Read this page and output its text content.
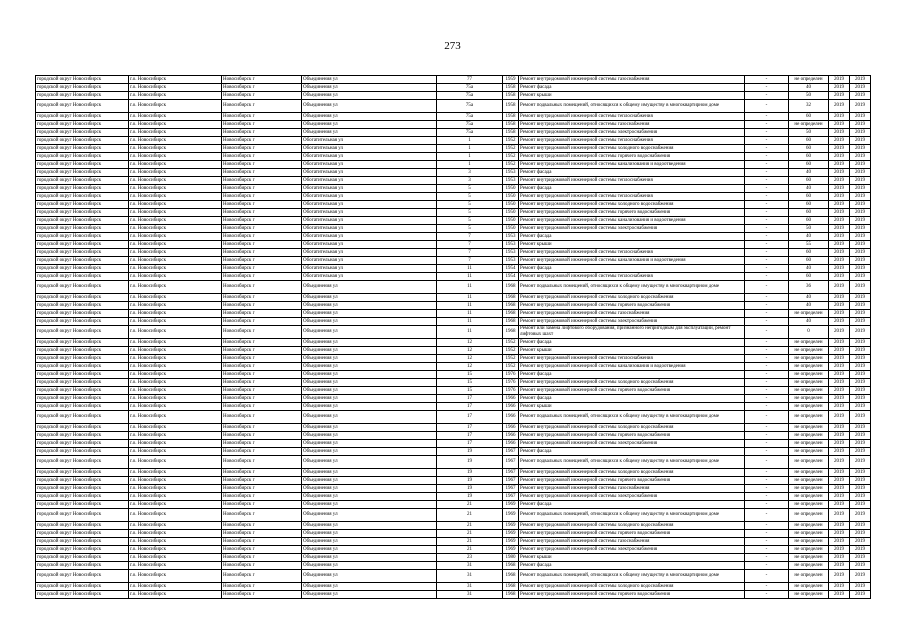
273
городской округ Новосибирск	г.о. Новосибирск	Новосибирск г	Объединения ул	77	1959	Ремонт внутридомовой инженерной системы газоснабжения	-	не определен	2019	2019
городской округ Новосибирск	г.о. Новосибирск	Новосибирск г	Объединения ул	75а	1958	Ремонт фасада	-	40	2019	2019
городской округ Новосибирск	г.о. Новосибирск	Новосибирск г	Объединения ул	75а	1958	Ремонт крыши	-	50	2019	2019
городской округ Новосибирск	г.о. Новосибирск	Новосибирск г	Объединения ул	75а	1958	Ремонт подвальных помещений, относящихся к общему имуществу в многоквартирном доме	-	32	2019	2019
городской округ Новосибирск	г.о. Новосибирск	Новосибирск г	Объединения ул	75а	1958	Ремонт внутридомовой инженерной системы теплоснабжения	-	60	2019	2019
городской округ Новосибирск	г.о. Новосибирск	Новосибирск г	Объединения ул	75а	1958	Ремонт внутридомовой инженерной системы газоснабжения	-	не определен	2019	2019
городской округ Новосибирск	г.о. Новосибирск	Новосибирск г	Объединения ул	75а	1958	Ремонт внутридомовой инженерной системы электроснабжения	-	50	2019	2019
городской округ Новосибирск	г.о. Новосибирск	Новосибирск г	Обогатительная ул	1	1952	Ремонт внутридомовой инженерной системы теплоснабжения	-	60	2019	2019
городской округ Новосибирск	г.о. Новосибирск	Новосибирск г	Обогатительная ул	1	1952	Ремонт внутридомовой инженерной системы холодного водоснабжения	-	60	2019	2019
городской округ Новосибирск	г.о. Новосибирск	Новосибирск г	Обогатительная ул	1	1952	Ремонт внутридомовой инженерной системы горячего водоснабжения	-	60	2019	2019
городской округ Новосибирск	г.о. Новосибирск	Новосибирск г	Обогатительная ул	1	1952	Ремонт внутридомовой инженерной системы канализования и водоотведения	-	60	2019	2019
городской округ Новосибирск	г.о. Новосибирск	Новосибирск г	Обогатительная ул	3	1953	Ремонт фасада	-	40	2019	2019
городской округ Новосибирск	г.о. Новосибирск	Новосибирск г	Обогатительная ул	3	1953	Ремонт внутридомовой инженерной системы теплоснабжения	-	60	2019	2019
городской округ Новосибирск	г.о. Новосибирск	Новосибирск г	Обогатительная ул	5	1950	Ремонт фасада	-	40	2019	2019
городской округ Новосибирск	г.о. Новосибирск	Новосибирск г	Обогатительная ул	5	1950	Ремонт внутридомовой инженерной системы теплоснабжения	-	60	2019	2019
городской округ Новосибирск	г.о. Новосибирск	Новосибирск г	Обогатительная ул	5	1950	Ремонт внутридомовой инженерной системы холодного водоснабжения	-	60	2019	2019
городской округ Новосибирск	г.о. Новосибирск	Новосибирск г	Обогатительная ул	5	1950	Ремонт внутридомовой инженерной системы горячего водоснабжения	-	60	2019	2019
городской округ Новосибирск	г.о. Новосибирск	Новосибирск г	Обогатительная ул	5	1950	Ремонт внутридомовой инженерной системы канализования и водоотведения	-	60	2019	2019
городской округ Новосибирск	г.о. Новосибирск	Новосибирск г	Обогатительная ул	5	1950	Ремонт внутридомовой инженерной системы электроснабжения	-	50	2019	2019
городской округ Новосибирск	г.о. Новосибирск	Новосибирск г	Обогатительная ул	7	1953	Ремонт фасада	-	40	2019	2019
городской округ Новосибирск	г.о. Новосибирск	Новосибирск г	Обогатительная ул	7	1953	Ремонт крыши	-	55	2019	2019
городской округ Новосибирск	г.о. Новосибирск	Новосибирск г	Обогатительная ул	7	1953	Ремонт внутридомовой инженерной системы теплоснабжения	-	60	2019	2019
городской округ Новосибирск	г.о. Новосибирск	Новосибирск г	Обогатительная ул	7	1953	Ремонт внутридомовой инженерной системы канализования и водоотведения	-	60	2019	2019
городской округ Новосибирск	г.о. Новосибирск	Новосибирск г	Обогатительная ул	11	1954	Ремонт фасада	-	40	2019	2019
городской округ Новосибирск	г.о. Новосибирск	Новосибирск г	Обогатительная ул	11	1954	Ремонт внутридомовой инженерной системы теплоснабжения	-	60	2019	2019
городской округ Новосибирск	г.о. Новосибирск	Новосибирск г	Объединения ул	11	1968	Ремонт подвальных помещений, относящихся к общему имуществу в многоквартирном доме	-	36	2019	2019
городской округ Новосибирск	г.о. Новосибирск	Новосибирск г	Объединения ул	11	1968	Ремонт внутридомовой инженерной системы холодного водоснабжения	-	40	2019	2019
городской округ Новосибирск	г.о. Новосибирск	Новосибирск г	Объединения ул	11	1968	Ремонт внутридомовой инженерной системы горячего водоснабжения	-	40	2019	2019
городской округ Новосибирск	г.о. Новосибирск	Новосибирск г	Объединения ул	11	1968	Ремонт внутридомовой инженерной системы газоснабжения	-	не определен	2019	2019
городской округ Новосибирск	г.о. Новосибирск	Новосибирск г	Объединения ул	11	1968	Ремонт внутридомовой инженерной системы электроснабжения	-	40	2019	2019
городской округ Новосибирск	г.о. Новосибирск	Новосибирск г	Объединения ул	11	1968	Ремонт или замена лифтового оборудования, признанного непригодным для эксплуатации, ремонт лифтовых шахт	-	0	2019	2019
городской округ Новосибирск	г.о. Новосибирск	Новосибирск г	Объединения ул	12	1952	Ремонт фасада	-	не определен	2019	2019
городской округ Новосибирск	г.о. Новосибирск	Новосибирск г	Объединения ул	12	1952	Ремонт крыши	-	не определен	2019	2019
городской округ Новосибирск	г.о. Новосибирск	Новосибирск г	Объединения ул	12	1952	Ремонт внутридомовой инженерной системы теплоснабжения	-	не определен	2019	2019
городской округ Новосибирск	г.о. Новосибирск	Новосибирск г	Объединения ул	12	1952	Ремонт внутридомовой инженерной системы канализования и водоотведения	-	не определен	2019	2019
городской округ Новосибирск	г.о. Новосибирск	Новосибирск г	Объединения ул	15	1976	Ремонт фасада	-	не определен	2019	2019
городской округ Новосибирск	г.о. Новосибирск	Новосибирск г	Объединения ул	15	1976	Ремонт внутридомовой инженерной системы холодного водоснабжения	-	не определен	2019	2019
городской округ Новосибирск	г.о. Новосибирск	Новосибирск г	Объединения ул	15	1976	Ремонт внутридомовой инженерной системы горячего водоснабжения	-	не определен	2019	2019
городской округ Новосибирск	г.о. Новосибирск	Новосибирск г	Объединения ул	17	1966	Ремонт фасада	-	не определен	2019	2019
городской округ Новосибирск	г.о. Новосибирск	Новосибирск г	Объединения ул	17	1966	Ремонт крыши	-	не определен	2019	2019
городской округ Новосибирск	г.о. Новосибирск	Новосибирск г	Объединения ул	17	1966	Ремонт подвальных помещений, относящихся к общему имуществу в многоквартирном доме	-	не определен	2019	2019
городской округ Новосибирск	г.о. Новосибирск	Новосибирск г	Объединения ул	17	1966	Ремонт внутридомовой инженерной системы холодного водоснабжения	-	не определен	2019	2019
городской округ Новосибирск	г.о. Новосибирск	Новосибирск г	Объединения ул	17	1966	Ремонт внутридомовой инженерной системы горячего водоснабжения	-	не определен	2019	2019
городской округ Новосибирск	г.о. Новосибирск	Новосибирск г	Объединения ул	17	1966	Ремонт внутридомовой инженерной системы электроснабжения	-	не определен	2019	2019
городской округ Новосибирск	г.о. Новосибирск	Новосибирск г	Объединения ул	19	1967	Ремонт фасада	-	не определен	2019	2019
городской округ Новосибирск	г.о. Новосибирск	Новосибирск г	Объединения ул	19	1967	Ремонт подвальных помещений, относящихся к общему имуществу в многоквартирном доме	-	не определен	2019	2019
городской округ Новосибирск	г.о. Новосибирск	Новосибирск г	Объединения ул	19	1967	Ремонт внутридомовой инженерной системы холодного водоснабжения	-	не определен	2019	2019
городской округ Новосибирск	г.о. Новосибирск	Новосибирск г	Объединения ул	19	1967	Ремонт внутридомовой инженерной системы горячего водоснабжения	-	не определен	2019	2019
городской округ Новосибирск	г.о. Новосибирск	Новосибирск г	Объединения ул	19	1967	Ремонт внутридомовой инженерной системы газоснабжения	-	не определен	2019	2019
городской округ Новосибирск	г.о. Новосибирск	Новосибирск г	Объединения ул	19	1967	Ремонт внутридомовой инженерной системы электроснабжения	-	не определен	2019	2019
городской округ Новосибирск	г.о. Новосибирск	Новосибирск г	Объединения ул	21	1969	Ремонт фасада	-	не определен	2019	2019
городской округ Новосибирск	г.о. Новосибирск	Новосибирск г	Объединения ул	21	1969	Ремонт подвальных помещений, относящихся к общему имуществу в многоквартирном доме	-	не определен	2019	2019
городской округ Новосибирск	г.о. Новосибирск	Новосибирск г	Объединения ул	21	1969	Ремонт внутридомовой инженерной системы холодного водоснабжения	-	не определен	2019	2019
городской округ Новосибирск	г.о. Новосибирск	Новосибирск г	Объединения ул	21	1969	Ремонт внутридомовой инженерной системы горячего водоснабжения	-	не определен	2019	2019
городской округ Новосибирск	г.о. Новосибирск	Новосибирск г	Объединения ул	21	1969	Ремонт внутридомовой инженерной системы газоснабжения	-	не определен	2019	2019
городской округ Новосибирск	г.о. Новосибирск	Новосибирск г	Объединения ул	21	1969	Ремонт внутридомовой инженерной системы электроснабжения	-	не определен	2019	2019
городской округ Новосибирск	г.о. Новосибирск	Новосибирск г	Объединения ул	23	1980	Ремонт крыши	-	не определен	2019	2019
городской округ Новосибирск	г.о. Новосибирск	Новосибирск г	Объединения ул	31	1968	Ремонт фасада	-	не определен	2019	2019
городской округ Новосибирск	г.о. Новосибирск	Новосибирск г	Объединения ул	31	1968	Ремонт подвальных помещений, относящихся к общему имуществу в многоквартирном доме	-	не определен	2019	2019
городской округ Новосибирск	г.о. Новосибирск	Новосибирск г	Объединения ул	31	1968	Ремонт внутридомовой инженерной системы холодного водоснабжения	-	не определен	2019	2019
городской округ Новосибирск	г.о. Новосибирск	Новосибирск г	Объединения ул	31	1968	Ремонт внутридомовой инженерной системы горячего водоснабжения	-	не определен	2019	2019
